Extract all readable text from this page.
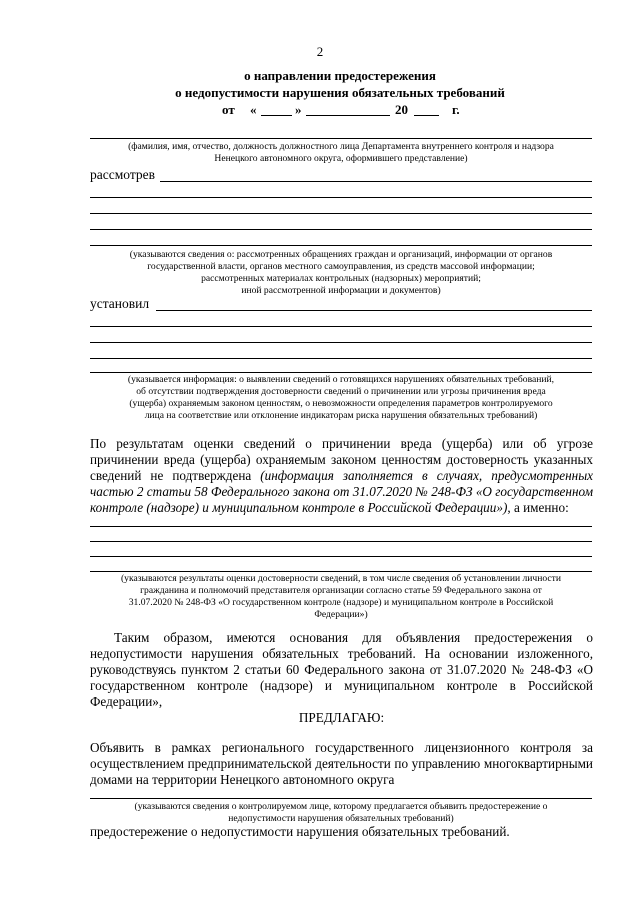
2
о направлении предостережения
о недопустимости нарушения обязательных требований
от «	»	20	г.
(фамилия, имя, отчество, должность должностного лица Департамента внутреннего контроля и надзора
Ненецкого автономного округа, оформившего представление)
рассмотрев
(указываются сведения о: рассмотренных обращениях граждан и организаций, информации от органов
государственной власти, органов местного самоуправления, из средств массовой информации;
рассмотренных материалах контрольных (надзорных) мероприятий;
иной рассмотренной информации и документов)
установил
(указывается информация: о выявлении сведений о готовящихся нарушениях обязательных требований,
об отсутствии подтверждения достоверности сведений о причинении или угрозы причинения вреда
(ущерба) охраняемым законом ценностям, о невозможности определения параметров контролируемого
лица на соответствие или отклонение индикаторам риска нарушения обязательных требований)
По результатам оценки сведений о причинении вреда (ущерба) или об угрозе причинении вреда (ущерба) охраняемым законом ценностям достоверность указанных сведений не подтверждена (информация заполняется в случаях, предусмотренных частью 2 статьи 58 Федерального закона от 31.07.2020 № 248-ФЗ «О государственном контроле (надзоре) и муниципальном контроле в Российской Федерации»), а именно:
(указываются результаты оценки достоверности сведений, в том числе сведения об установлении личности
гражданина и полномочий представителя организации согласно статье 59 Федерального закона от
31.07.2020 № 248-ФЗ «О государственном контроле (надзоре) и муниципальном контроле в Российской
Федерации»)
Таким образом, имеются основания для объявления предостережения о недопустимости нарушения обязательных требований. На основании изложенного, руководствуясь пунктом 2 статьи 60 Федерального закона от 31.07.2020 № 248-ФЗ «О государственном контроле (надзоре) и муниципальном контроле в Российской Федерации»,
ПРЕДЛАГАЮ:
Объявить в рамках регионального государственного лицензионного контроля за осуществлением предпринимательской деятельности по управлению многоквартирными домами на территории Ненецкого автономного округа
(указываются сведения о контролируемом лице, которому предлагается объявить предостережение о
недопустимости нарушения обязательных требований)
предостережение о недопустимости нарушения обязательных требований.
